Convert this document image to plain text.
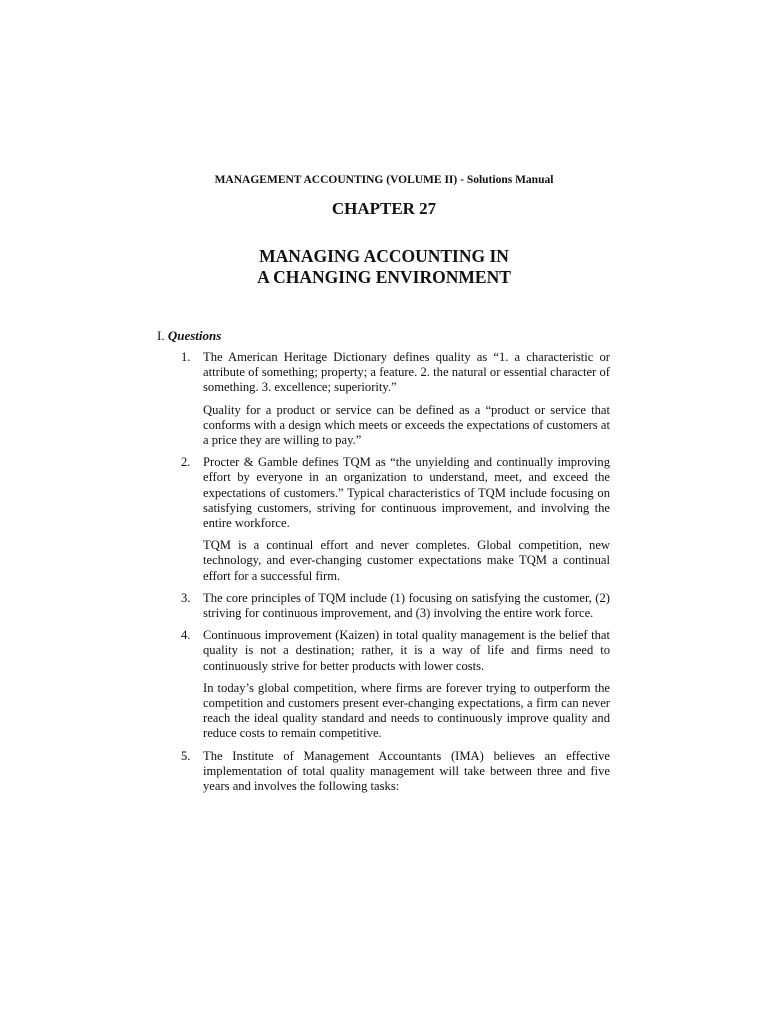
MANAGEMENT ACCOUNTING (VOLUME II) - Solutions Manual
CHAPTER 27
MANAGING ACCOUNTING IN
A CHANGING ENVIRONMENT
I. Questions

1. The American Heritage Dictionary defines quality as “1. a characteristic or attribute of something; property; a feature. 2. the natural or essential character of something. 3. excellence; superiority.”

Quality for a product or service can be defined as a “product or service that conforms with a design which meets or exceeds the expectations of customers at a price they are willing to pay.”

2. Procter & Gamble defines TQM as “the unyielding and continually improving effort by everyone in an organization to understand, meet, and exceed the expectations of customers.” Typical characteristics of TQM include focusing on satisfying customers, striving for continuous improvement, and involving the entire workforce.

TQM is a continual effort and never completes. Global competition, new technology, and ever-changing customer expectations make TQM a continual effort for a successful firm.

3. The core principles of TQM include (1) focusing on satisfying the customer, (2) striving for continuous improvement, and (3) involving the entire work force.

4. Continuous improvement (Kaizen) in total quality management is the belief that quality is not a destination; rather, it is a way of life and firms need to continuously strive for better products with lower costs.

In today’s global competition, where firms are forever trying to outperform the competition and customers present ever-changing expectations, a firm can never reach the ideal quality standard and needs to continuously improve quality and reduce costs to remain competitive.

5. The Institute of Management Accountants (IMA) believes an effective implementation of total quality management will take between three and five years and involves the following tasks:
